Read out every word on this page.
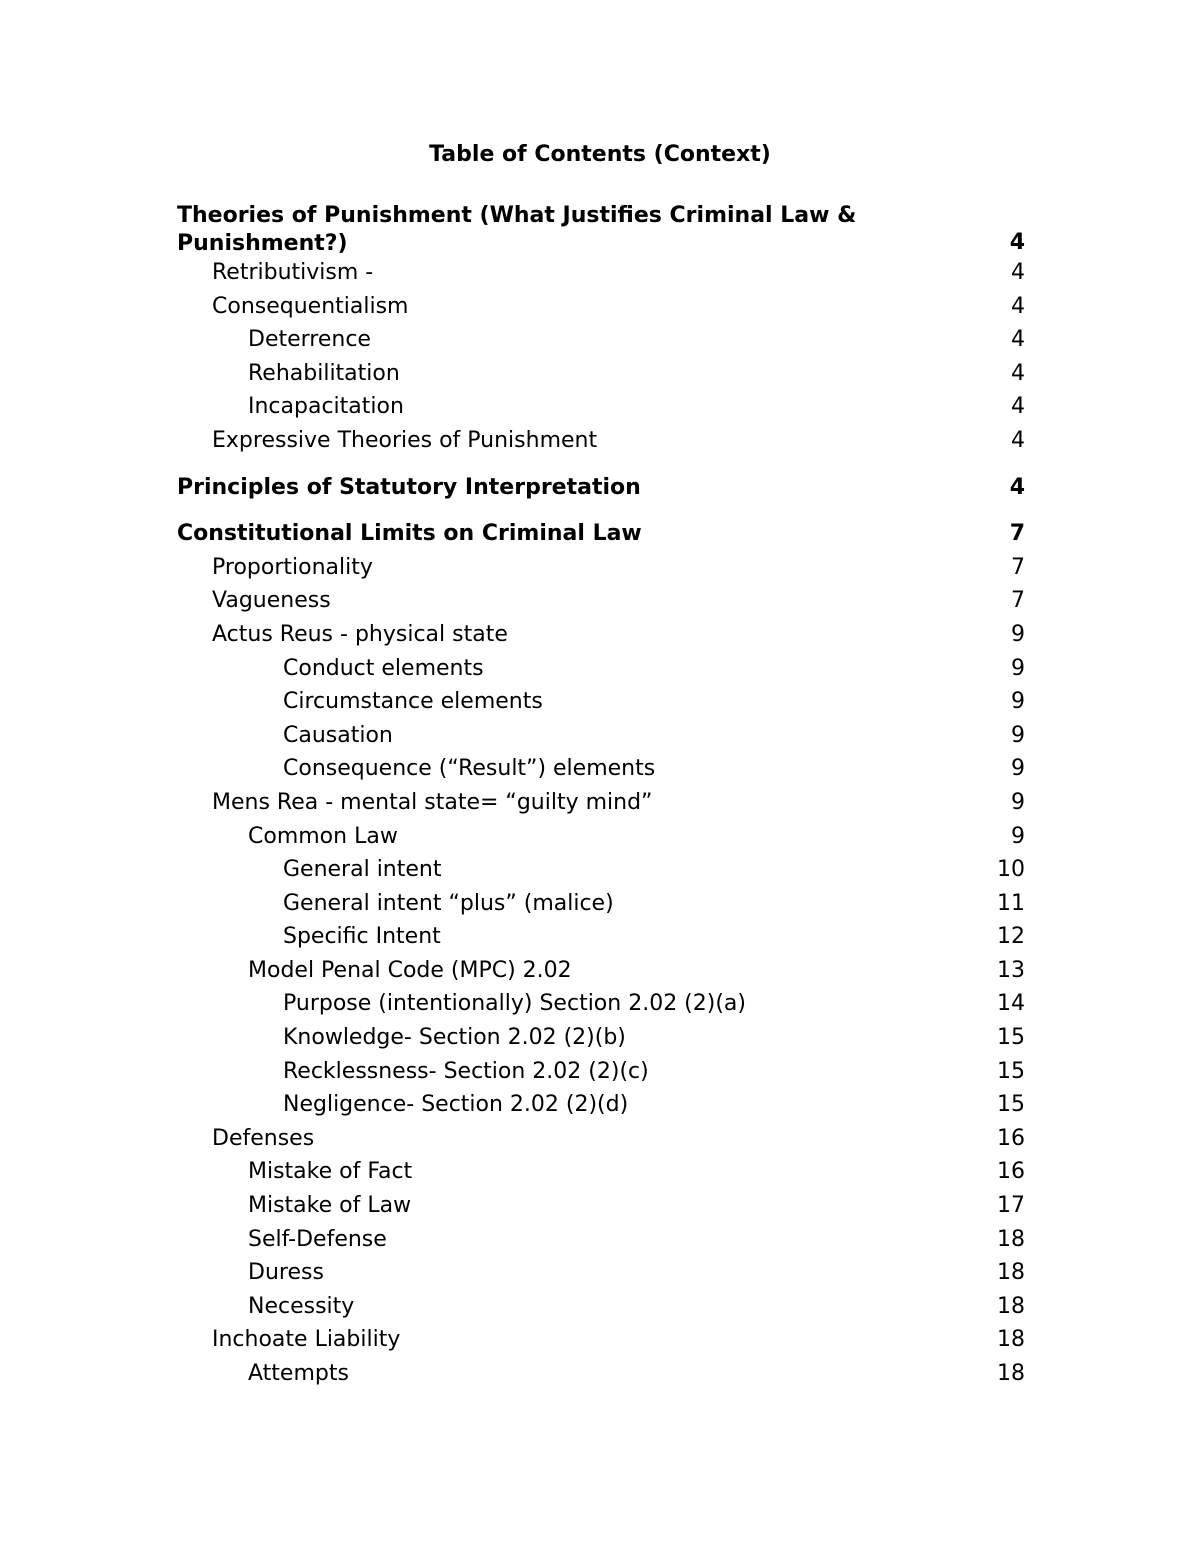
Table of Contents (Context)
Theories of Punishment (What Justifies Criminal Law & Punishment?)	4
Retributivism -	4
Consequentialism	4
Deterrence	4
Rehabilitation	4
Incapacitation	4
Expressive Theories of Punishment	4
Principles of Statutory Interpretation	4
Constitutional Limits on Criminal Law	7
Proportionality	7
Vagueness	7
Actus Reus - physical state	9
Conduct elements	9
Circumstance elements	9
Causation	9
Consequence (“Result”) elements	9
Mens Rea - mental state= “guilty mind”	9
Common Law	9
General intent	10
General intent “plus” (malice)	11
Specific Intent	12
Model Penal Code (MPC) 2.02	13
Purpose (intentionally) Section 2.02 (2)(a)	14
Knowledge- Section 2.02 (2)(b)	15
Recklessness- Section 2.02 (2)(c)	15
Negligence- Section 2.02 (2)(d)	15
Defenses	16
Mistake of Fact	16
Mistake of Law	17
Self-Defense	18
Duress	18
Necessity	18
Inchoate Liability	18
Attempts	18
